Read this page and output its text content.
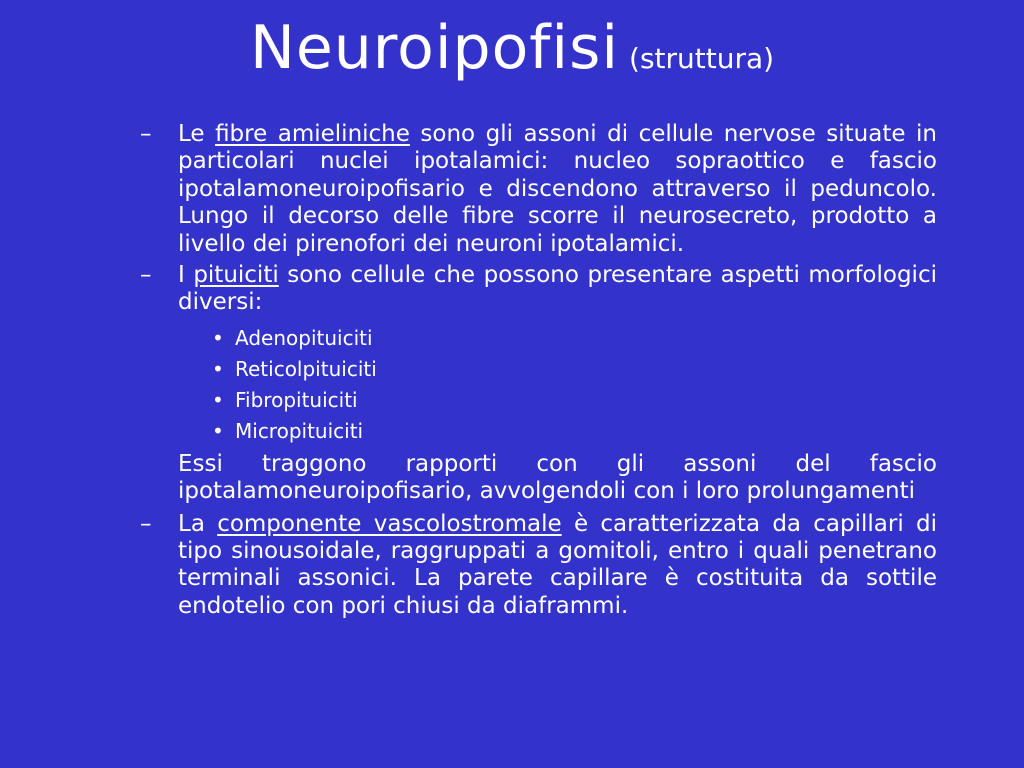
Neuroipofisi (struttura)
– Le fibre amieliniche sono gli assoni di cellule nervose situate in particolari nuclei ipotalamici: nucleo sopraottico e fascio ipotalamoneuroipofisario e discendono attraverso il peduncolo. Lungo il decorso delle fibre scorre il neurosecreto, prodotto a livello dei pirenofori dei neuroni ipotalamici.
– I pituiciti sono cellule che possono presentare aspetti morfologici diversi:
• Adenopituiciti
• Reticolpituiciti
• Fibropituiciti
• Micropituiciti
Essi traggono rapporti con gli assoni del fascio ipotalamoneuroipofisario, avvolgendoli con i loro prolungamenti
– La componente vascolostromale è caratterizzata da capillari di tipo sinousoidale, raggruppati a gomitoli, entro i quali penetrano terminali assonici. La parete capillare è costituita da sottile endotelio con pori chiusi da diaframmi.
